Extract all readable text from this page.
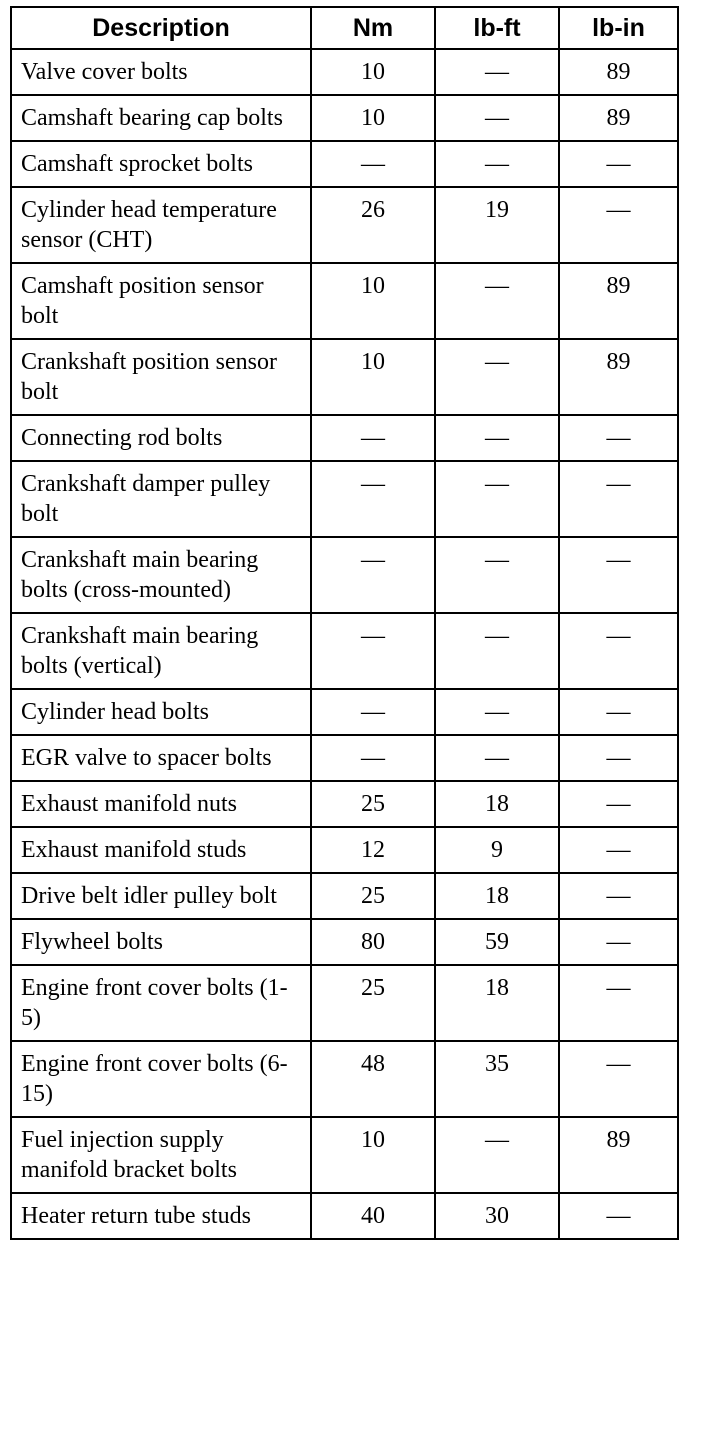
Description	Nm	lb-ft	lb-in
Valve cover bolts	10	—	89
Camshaft bearing cap bolts	10	—	89
Camshaft sprocket bolts	—	—	—
Cylinder head temperature sensor (CHT)	26	19	—
Camshaft position sensor bolt	10	—	89
Crankshaft position sensor bolt	10	—	89
Connecting rod bolts	—	—	—
Crankshaft damper pulley bolt	—	—	—
Crankshaft main bearing bolts (cross-mounted)	—	—	—
Crankshaft main bearing bolts (vertical)	—	—	—
Cylinder head bolts	—	—	—
EGR valve to spacer bolts	—	—	—
Exhaust manifold nuts	25	18	—
Exhaust manifold studs	12	9	—
Drive belt idler pulley bolt	25	18	—
Flywheel bolts	80	59	—
Engine front cover bolts (1-5)	25	18	—
Engine front cover bolts (6-15)	48	35	—
Fuel injection supply manifold bracket bolts	10	—	89
Heater return tube studs	40	30	—
